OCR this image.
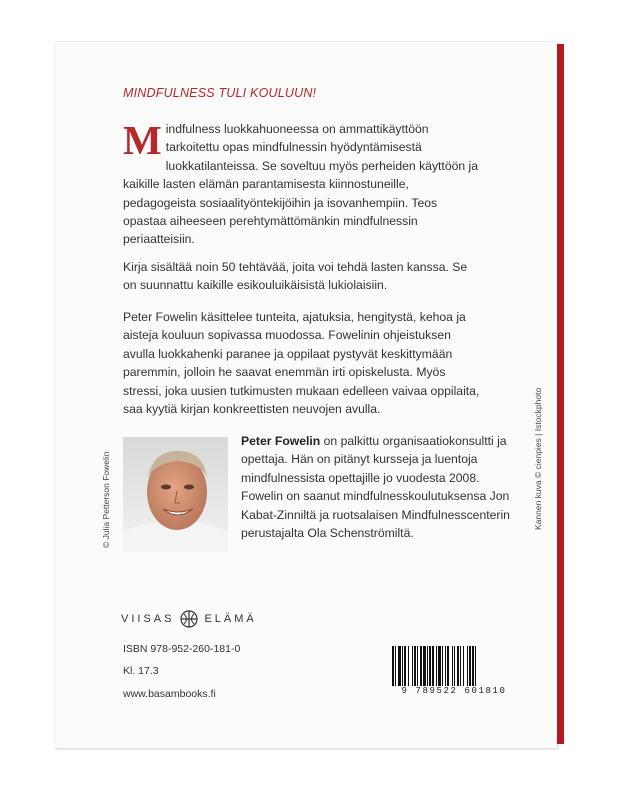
MINDFULNESS TULI KOULUUN!
Mindfulness luokkahuoneessa on ammattikäyttöön tarkoitettu opas mindfulnessin hyödyntämisestä luokkatilanteissa. Se soveltuu myös perheiden käyttöön ja kaikille lasten elämän parantamisesta kiinnostuneille, pedagogeista sosiaalityöntekijöihin ja isovanhempiin. Teos opastaa aiheeseen perehtymättömänkin mindfulnessin periaatteisiin.
Kirja sisältää noin 50 tehtävää, joita voi tehdä lasten kanssa. Se on suunnattu kaikille esikouluikäisistä lukiolaisiin.
Peter Fowelin käsittelee tunteita, ajatuksia, hengitystä, kehoa ja aisteja kouluun sopivassa muodossa. Fowelinin ohjeistuksen avulla luokkahenki paranee ja oppilaat pystyvät keskittymään paremmin, jolloin he saavat enemmän irti opiskelusta. Myös stressi, joka uusien tutkimusten mukaan edelleen vaivaa oppilaita, saa kyytiä kirjan konkreettisten neuvojen avulla.
© Julia Petterson Fowelin
Peter Fowelin on palkittu organisaatiokonsultti ja opettaja. Hän on pitänyt kursseja ja luentoja mindfulnessista opettajille jo vuodesta 2008. Fowelin on saanut mindfulnesskoulutuksensa Jon Kabat-Zinniltä ja ruotsalaisen Mindfulnesscenterin perustajalta Ola Schenströmiltä.
Kannen kuva © cienpies | Istockphoto
VIISAS	ELÄMÄ
ISBN 978-952-260-181-0
Kl. 17.3
www.basambooks.fi	9 789522 601810
